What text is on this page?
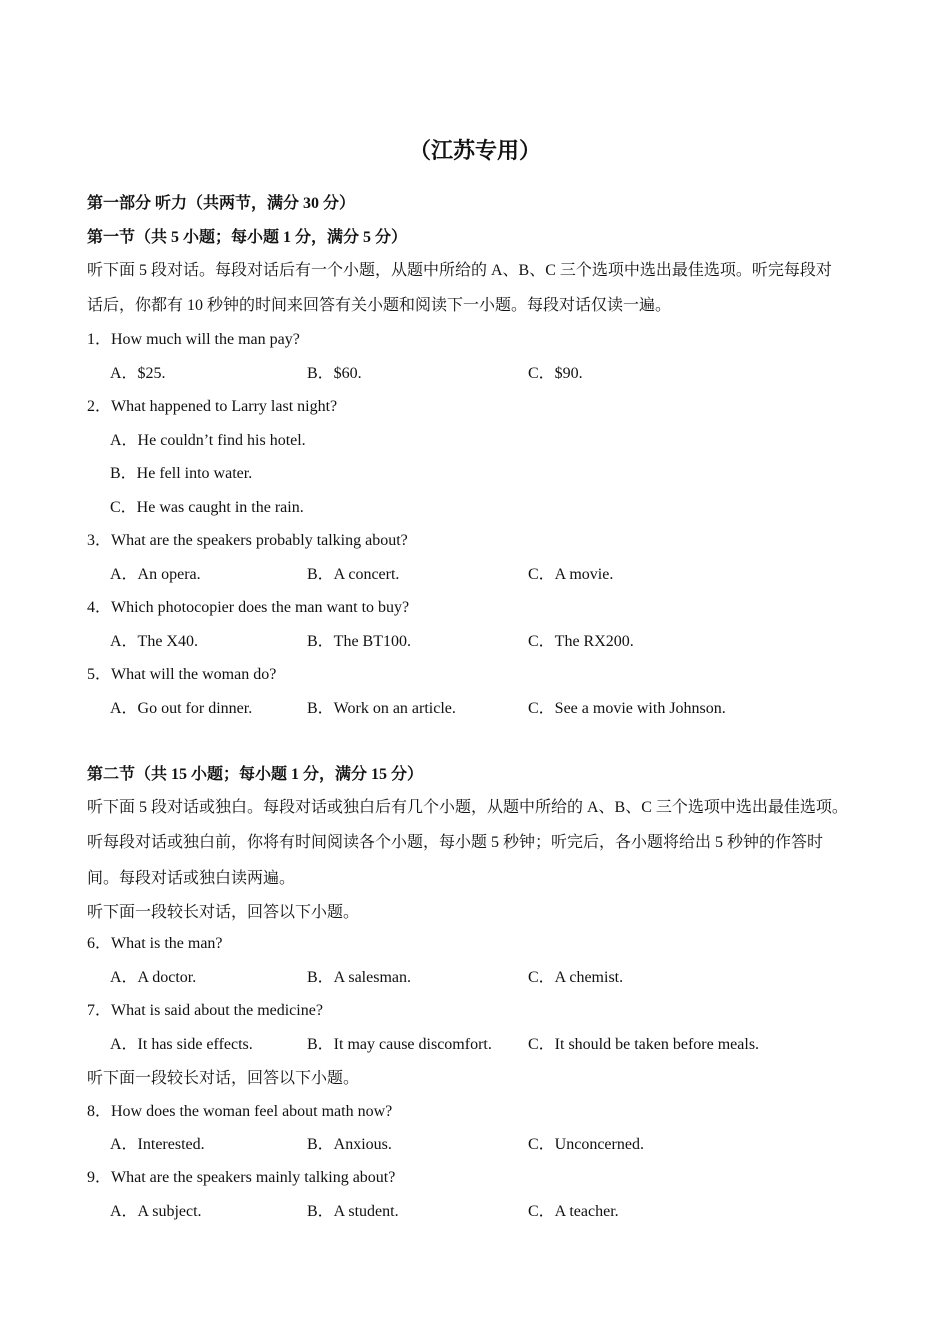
（江苏专用）
第一部分 听力（共两节，满分 30 分）
第一节（共 5 小题；每小题 1 分，满分 5 分）
听下面 5 段对话。每段对话后有一个小题，从题中所给的 A、B、C 三个选项中选出最佳选项。听完每段对
话后，你都有 10 秒钟的时间来回答有关小题和阅读下一小题。每段对话仅读一遍。
1．How much will the man pay?
A．$25.	B．$60.	C．$90.
2．What happened to Larry last night?
A．He couldn’t find his hotel.
B．He fell into water.
C．He was caught in the rain.
3．What are the speakers probably talking about?
A．An opera.	B．A concert.	C．A movie.
4．Which photocopier does the man want to buy?
A．The X40.	B．The BT100.	C．The RX200.
5．What will the woman do?
A．Go out for dinner.	B．Work on an article.	C．See a movie with Johnson.
第二节（共 15 小题；每小题 1 分，满分 15 分）
听下面 5 段对话或独白。每段对话或独白后有几个小题，从题中所给的 A、B、C 三个选项中选出最佳选项。
听每段对话或独白前，你将有时间阅读各个小题，每小题 5 秒钟；听完后，各小题将给出 5 秒钟的作答时
间。每段对话或独白读两遍。
听下面一段较长对话，回答以下小题。
6．What is the man?
A．A doctor.	B．A salesman.	C．A chemist.
7．What is said about the medicine?
A．It has side effects.	B．It may cause discomfort. C．It should be taken before meals.
听下面一段较长对话，回答以下小题。
8．How does the woman feel about math now?
A．Interested.	B．Anxious.	C．Unconcerned.
9．What are the speakers mainly talking about?
A．A subject.	B．A student.	C．A teacher.
